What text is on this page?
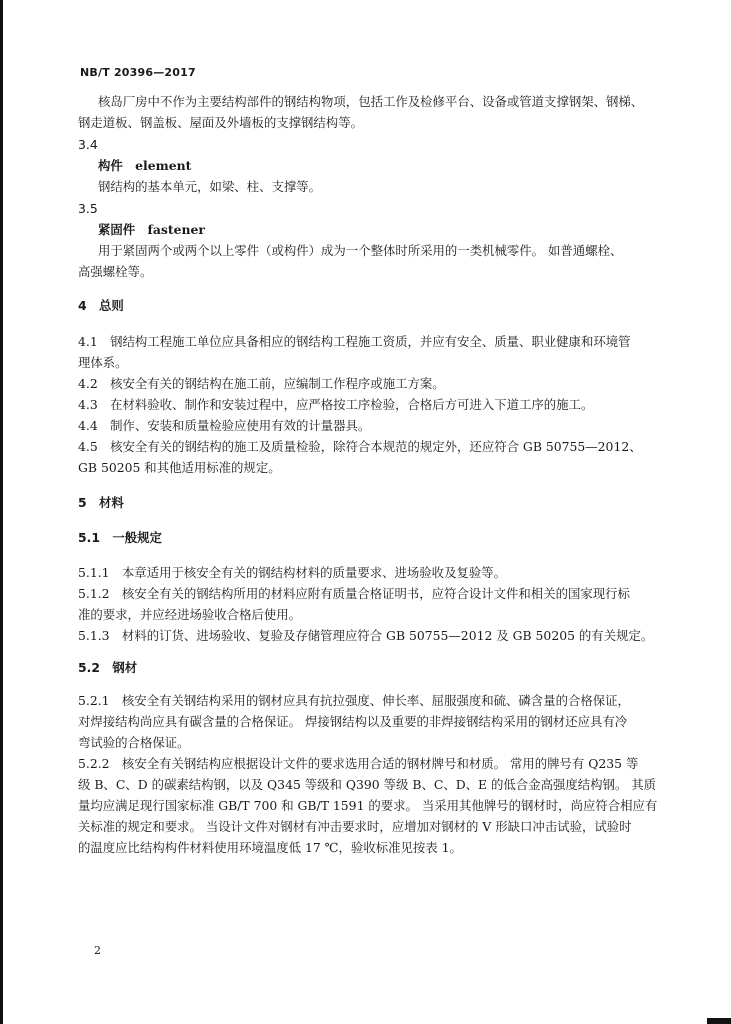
NB/T 20396—2017
核岛厂房中不作为主要结构部件的钢结构物项，包括工作及检修平台、设备或管道支撑钢架、钢梯、
钢走道板、钢盖板、屋面及外墙板的支撑钢结构等。
3.4
构件　element
钢结构的基本单元，如梁、柱、支撑等。
3.5
紧固件　fastener
用于紧固两个或两个以上零件（或构件）成为一个整体时所采用的一类机械零件。 如普通螺栓、
高强螺栓等。
4　总则
4.1　钢结构工程施工单位应具备相应的钢结构工程施工资质，并应有安全、质量、职业健康和环境管
理体系。
4.2　核安全有关的钢结构在施工前，应编制工作程序或施工方案。
4.3　在材料验收、制作和安装过程中，应严格按工序检验，合格后方可进入下道工序的施工。
4.4　制作、安装和质量检验应使用有效的计量器具。
4.5　核安全有关的钢结构的施工及质量检验，除符合本规范的规定外，还应符合 GB 50755—2012、
GB 50205 和其他适用标准的规定。
5　材料
5.1　一般规定
5.1.1　本章适用于核安全有关的钢结构材料的质量要求、进场验收及复验等。
5.1.2　核安全有关的钢结构所用的材料应附有质量合格证明书，应符合设计文件和相关的国家现行标
准的要求，并应经进场验收合格后使用。
5.1.3　材料的订货、进场验收、复验及存储管理应符合 GB 50755—2012 及 GB 50205 的有关规定。
5.2　钢材
5.2.1　核安全有关钢结构采用的钢材应具有抗拉强度、伸长率、屈服强度和硫、磷含量的合格保证，
对焊接结构尚应具有碳含量的合格保证。 焊接钢结构以及重要的非焊接钢结构采用的钢材还应具有冷
弯试验的合格保证。
5.2.2　核安全有关钢结构应根据设计文件的要求选用合适的钢材牌号和材质。 常用的牌号有 Q235 等
级 B、C、D 的碳素结构钢，以及 Q345 等级和 Q390 等级 B、C、D、E 的低合金高强度结构钢。 其质
量均应满足现行国家标准 GB/T 700 和 GB/T 1591 的要求。 当采用其他牌号的钢材时，尚应符合相应有
关标准的规定和要求。 当设计文件对钢材有冲击要求时，应增加对钢材的 V 形缺口冲击试验，试验时
的温度应比结构构件材料使用环境温度低 17 ℃，验收标准见按表 1。
2
